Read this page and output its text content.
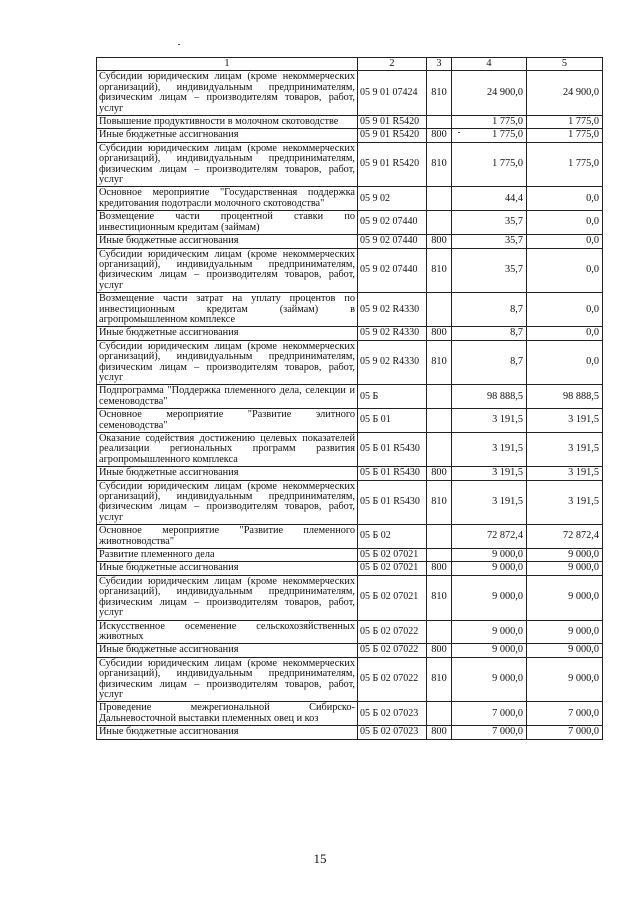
1	2	3	4	5
Субсидии юридическим лицам (кроме некоммерческих организаций), индивидуальным предпринимателям, физическим лицам – производителям товаров, работ, услуг	05 9 01 07424	810	24 900,0	24 900,0
Повышение продуктивности в молочном скотоводстве	05 9 01 R5420		1 775,0	1 775,0
Иные бюджетные ассигнования	05 9 01 R5420	800	1 775,0	1 775,0
Субсидии юридическим лицам (кроме некоммерческих организаций), индивидуальным предпринимателям, физическим лицам – производителям товаров, работ, услуг	05 9 01 R5420	810	1 775,0	1 775,0
Основное мероприятие "Государственная поддержка кредитования подотрасли молочного скотоводства"	05 9 02		44,4	0,0
Возмещение части процентной ставки по инвестиционным кредитам (займам)	05 9 02 07440		35,7	0,0
Иные бюджетные ассигнования	05 9 02 07440	800	35,7	0,0
Субсидии юридическим лицам (кроме некоммерческих организаций), индивидуальным предпринимателям, физическим лицам – производителям товаров, работ, услуг	05 9 02 07440	810	35,7	0,0
Возмещение части затрат на уплату процентов по инвестиционным кредитам (займам) в агропромышленном комплексе	05 9 02 R4330		8,7	0,0
Иные бюджетные ассигнования	05 9 02 R4330	800	8,7	0,0
Субсидии юридическим лицам (кроме некоммерческих организаций), индивидуальным предпринимателям, физическим лицам – производителям товаров, работ, услуг	05 9 02 R4330	810	8,7	0,0
Подпрограмма "Поддержка племенного дела, селекции и семеноводства"	05 Б		98 888,5	98 888,5
Основное мероприятие "Развитие элитного семеноводства"	05 Б 01		3 191,5	3 191,5
Оказание содействия достижению целевых показателей реализации региональных программ развития агропромышленного комплекса	05 Б 01 R5430		3 191,5	3 191,5
Иные бюджетные ассигнования	05 Б 01 R5430	800	3 191,5	3 191,5
Субсидии юридическим лицам (кроме некоммерческих организаций), индивидуальным предпринимателям, физическим лицам – производителям товаров, работ, услуг	05 Б 01 R5430	810	3 191,5	3 191,5
Основное мероприятие "Развитие племенного животноводства"	05 Б 02		72 872,4	72 872,4
Развитие племенного дела	05 Б 02 07021		9 000,0	9 000,0
Иные бюджетные ассигнования	05 Б 02 07021	800	9 000,0	9 000,0
Субсидии юридическим лицам (кроме некоммерческих организаций), индивидуальным предпринимателям, физическим лицам – производителям товаров, работ, услуг	05 Б 02 07021	810	9 000,0	9 000,0
Искусственное осеменение сельскохозяйственных животных	05 Б 02 07022		9 000,0	9 000,0
Иные бюджетные ассигнования	05 Б 02 07022	800	9 000,0	9 000,0
Субсидии юридическим лицам (кроме некоммерческих организаций), индивидуальным предпринимателям, физическим лицам – производителям товаров, работ, услуг	05 Б 02 07022	810	9 000,0	9 000,0
Проведение межрегиональной Сибирско-Дальневосточной выставки племенных овец и коз	05 Б 02 07023		7 000,0	7 000,0
Иные бюджетные ассигнования	05 Б 02 07023	800	7 000,0	7 000,0
15
